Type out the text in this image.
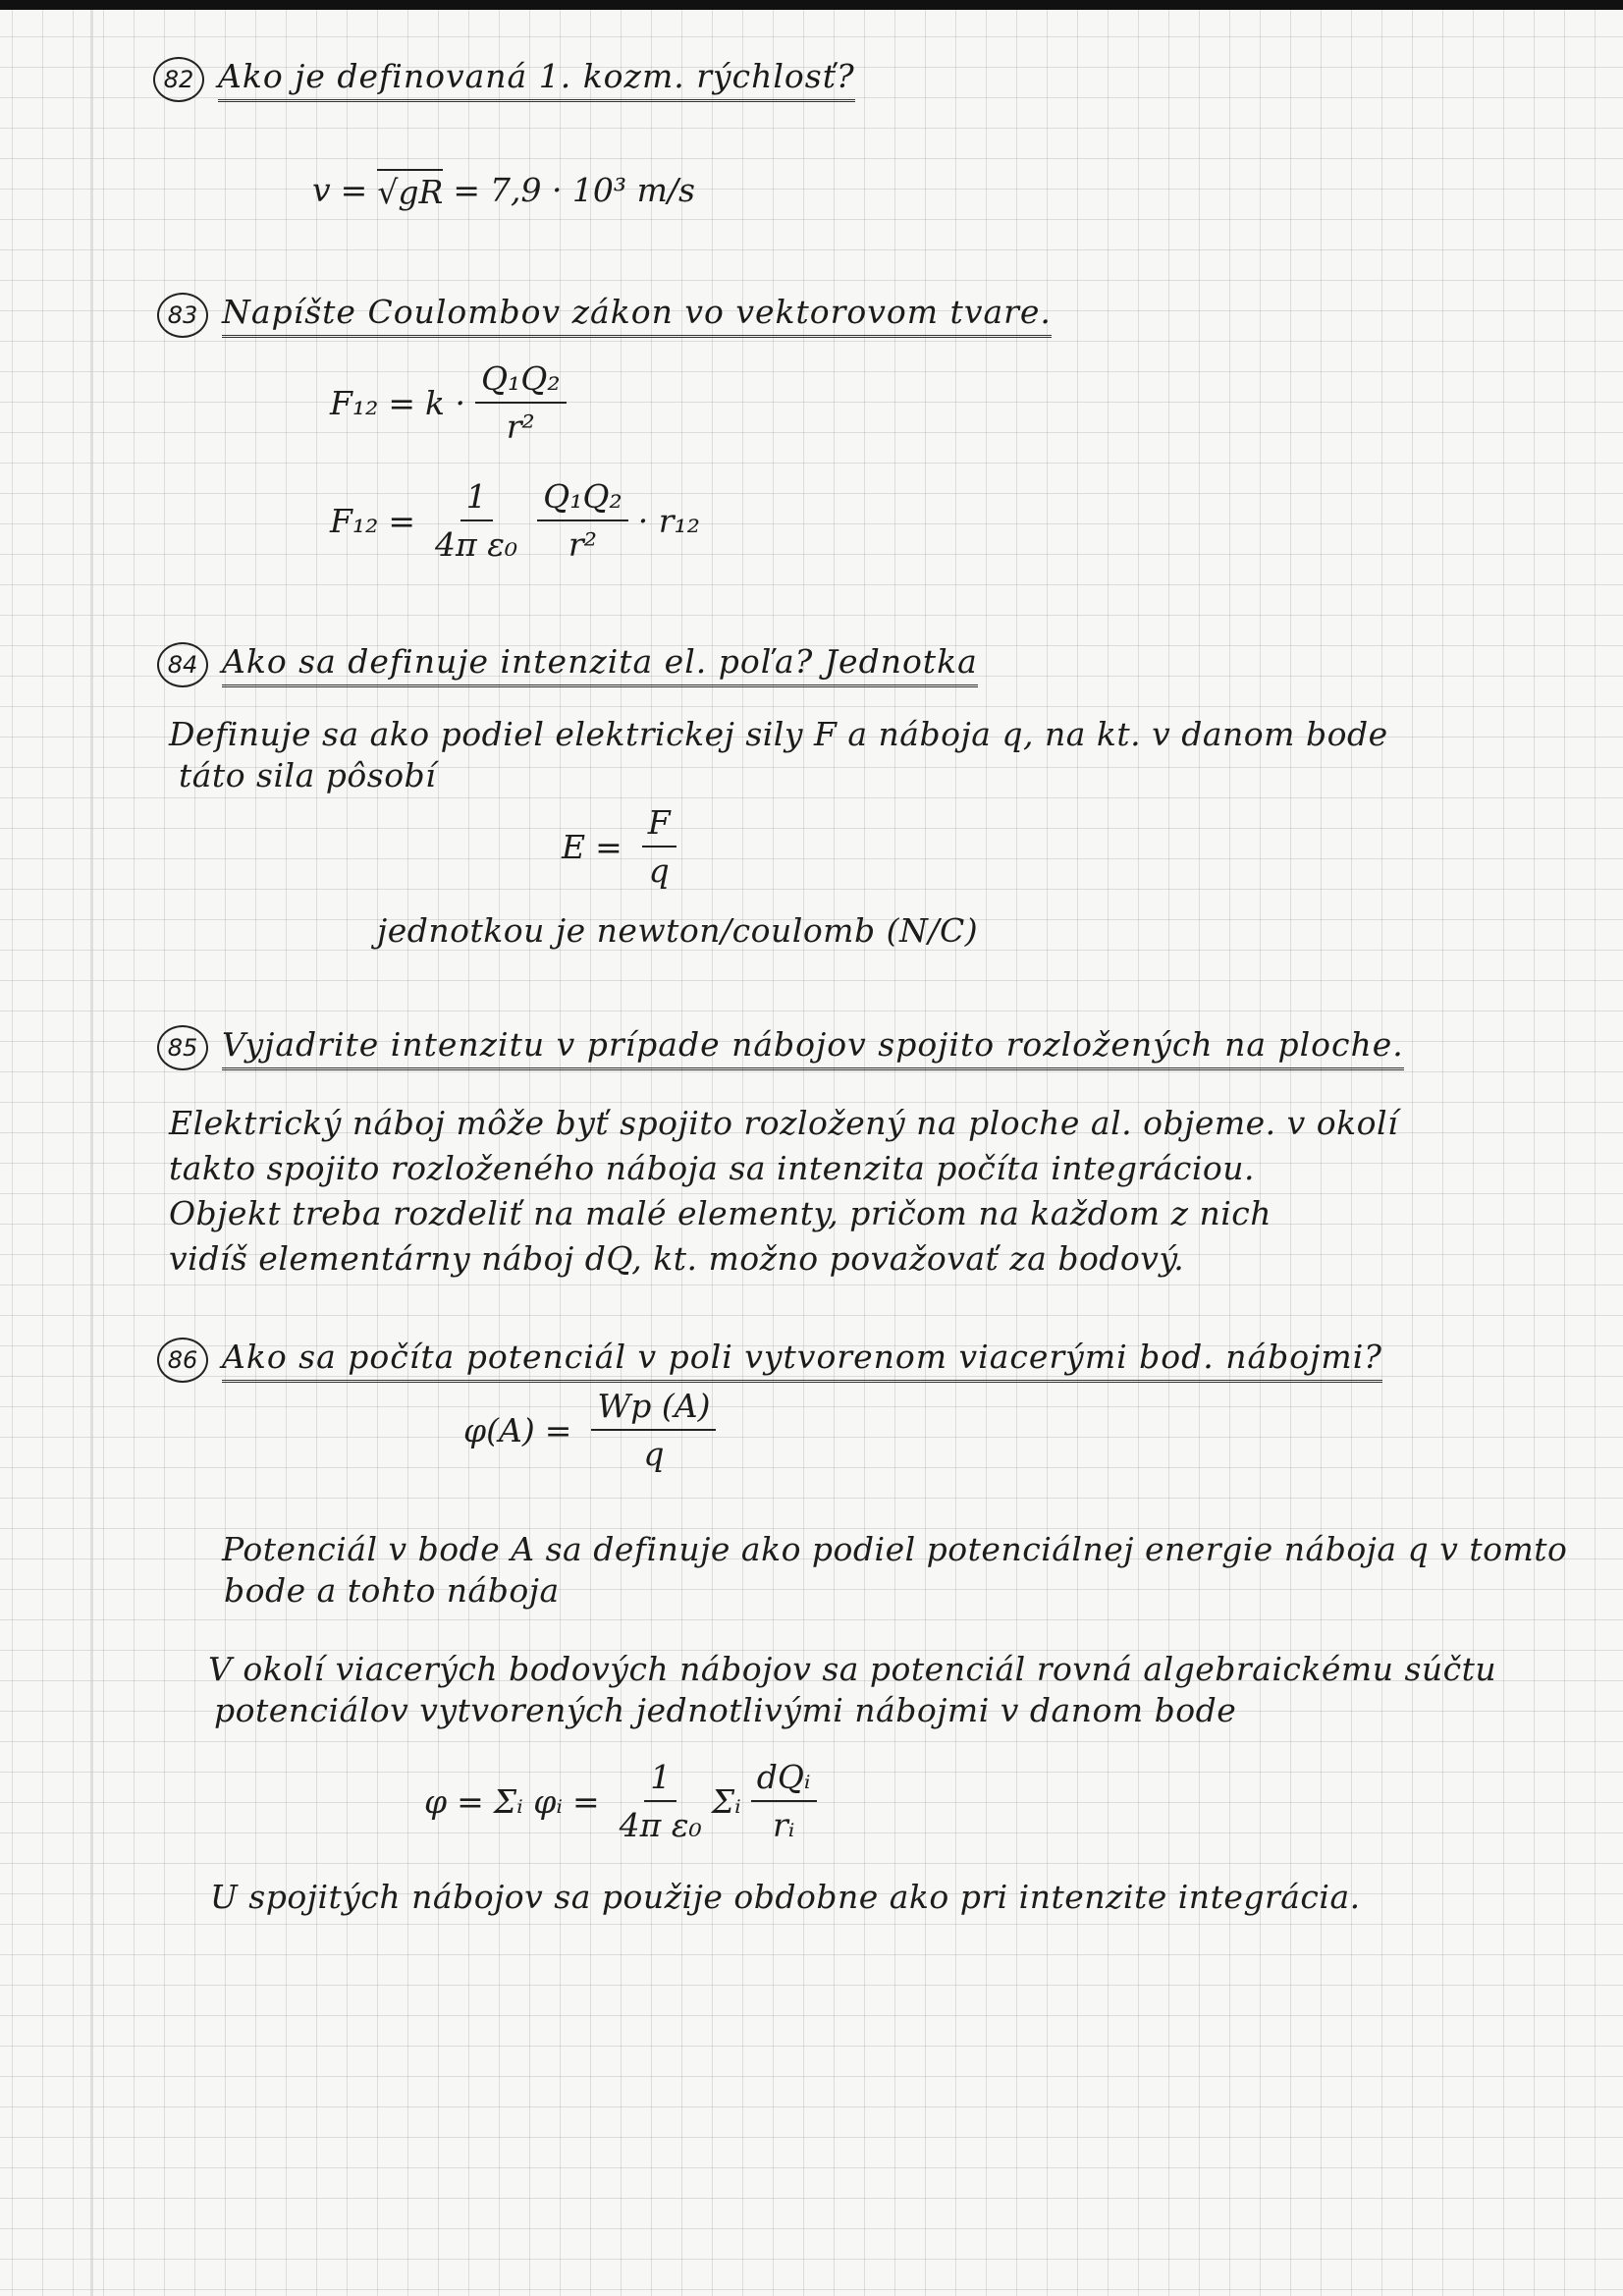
82 Ako je definovaná 1. kozm. rýchlosť?
v = √gR = 7,9 · 10³ m/s
83 Napíšte Coulombov zákon vo vektorovom tvare.
$F_{12} = k \cdot \frac{\text{Q₁Q₂}}{\text{r²}}$
$F_{12} = \frac{1}{\text{4π ε₀}} \frac{\text{Q₁Q₂}}{\text{r²}} \cdot r_{12}$
84 Ako sa definuje intenzita el. poľa? Jednotka
Definuje sa ako podiel elektrickej sily F a náboja q, na kt. v danom bode
táto sila pôsobí
$E = \frac{F}{q}$
jednotkou je newton/coulomb (N/C)
85 Vyjadrite intenzitu v prípade nábojov spojito rozložených na ploche.
Elektrický náboj môže byť spojito rozložený na ploche al. objeme. v okolí
takto spojito rozloženého náboja sa intenzita počíta integráciou.
Objekt treba rozdeliť na malé elementy, pričom na každom z nich
vidíš elementárny náboj dQ, kt. možno považovať za bodový.
86 Ako sa počíta potenciál v poli vytvorenom viacerými bod. nábojmi?
$\varphi(A) = \frac{Wp (A)}{q}$
Potenciál v bode A sa definuje ako podiel potenciálnej energie náboja q v tomto
bode a tohto náboja
V okolí viacerých bodových nábojov sa potenciál rovná algebraickému súčtu
potenciálov vytvorených jednotlivými nábojmi v danom bode
φ = Σᵢ φᵢ = $\frac{1}{\text{4π ε₀}}$ Σᵢ $\frac{\text{dQᵢ}}{\text{rᵢ}}$
U spojitých nábojov sa použije obdobne ako pri intenzite integrácia.
